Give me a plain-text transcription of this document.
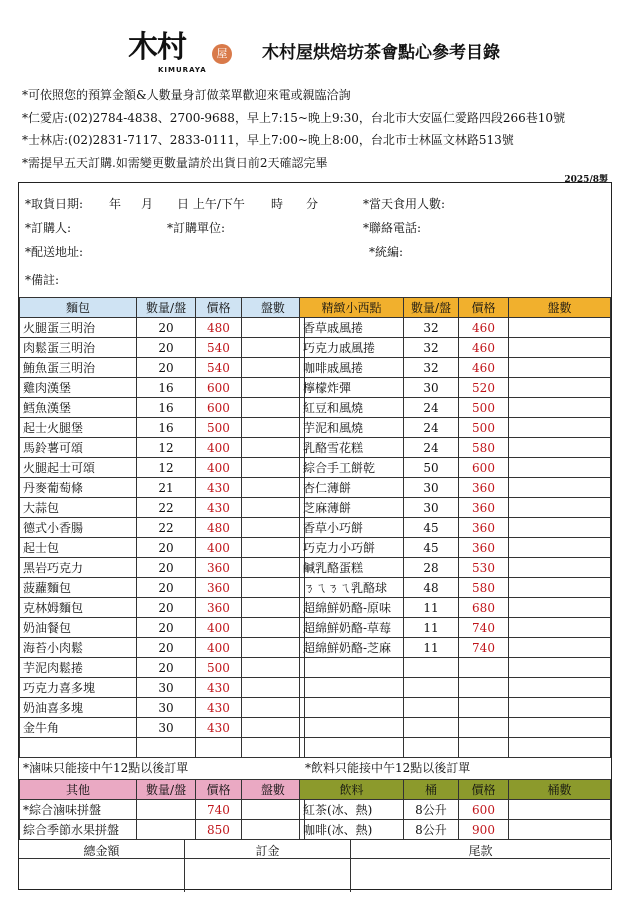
木村	屋
KIMURAYA
木村屋烘焙坊茶會點心參考目錄
*可依照您的預算金額&人數量身訂做菜單歡迎來電或親臨洽詢
*仁愛店:(02)2784-4838、2700-9688，早上7:15~晚上9:30，台北市大安區仁愛路四段266巷10號
*士林店:(02)2831-7117、2833-0111，早上7:00~晚上8:00，台北市士林區文林路513號
*需提早五天訂購.如需變更數量請於出貨日前2天確認完畢
2025/8製
*取貨日期: 年 月 日 上午/下午 時 分	*當天食用人數:
*訂購人:	*訂購單位:	*聯絡電話:
*配送地址:	*統編:
*備註:
麵包	數量/盤	價格	盤數
火腿蛋三明治	20	480	
肉鬆蛋三明治	20	540	
鮪魚蛋三明治	20	540	
雞肉漢堡	16	600	
鱈魚漢堡	16	600	
起士火腿堡	16	500	
馬鈴薯可頌	12	400	
火腿起士可頌	12	400	
丹麥葡萄條	21	430	
大蒜包	22	430	
德式小香腸	22	480	
起士包	20	400	
黑岩巧克力	20	360	
菠蘿麵包	20	360	
克林姆麵包	20	360	
奶油餐包	20	400	
海苔小肉鬆	20	400	
芋泥肉鬆捲	20	500	
巧克力喜多塊	30	430	
奶油喜多塊	30	430	
金牛角	30	430	

精緻小西點	數量/盤	價格	盤數
香草戚風捲	32	460	
巧克力戚風捲	32	460	
咖啡戚風捲	32	460	
檸檬炸彈	30	520	
紅豆和風燒	24	500	
芋泥和風燒	24	500	
乳酪雪花糕	24	580	
綜合手工餅乾	50	600	
杏仁薄餅	30	360	
芝麻薄餅	30	360	
香草小巧餅	45	360	
巧克力小巧餅	45	360	
鹹乳酪蛋糕	28	530	
ㄋㄟㄋㄟ乳酪球	48	580	
超綿鮮奶酪-原味	11	680	
超綿鮮奶酪-草莓	11	740	
超綿鮮奶酪-芝麻	11	740	

*滷味只能接中午12點以後訂單	*飲料只能接中午12點以後訂單
其他	數量/盤	價格	盤數
*綜合滷味拼盤		740	
綜合季節水果拼盤		850	
飲料	桶	價格	桶數
紅茶(冰、熱)	8公升	600	
咖啡(冰、熱)	8公升	900	
總金額	訂金	尾款
